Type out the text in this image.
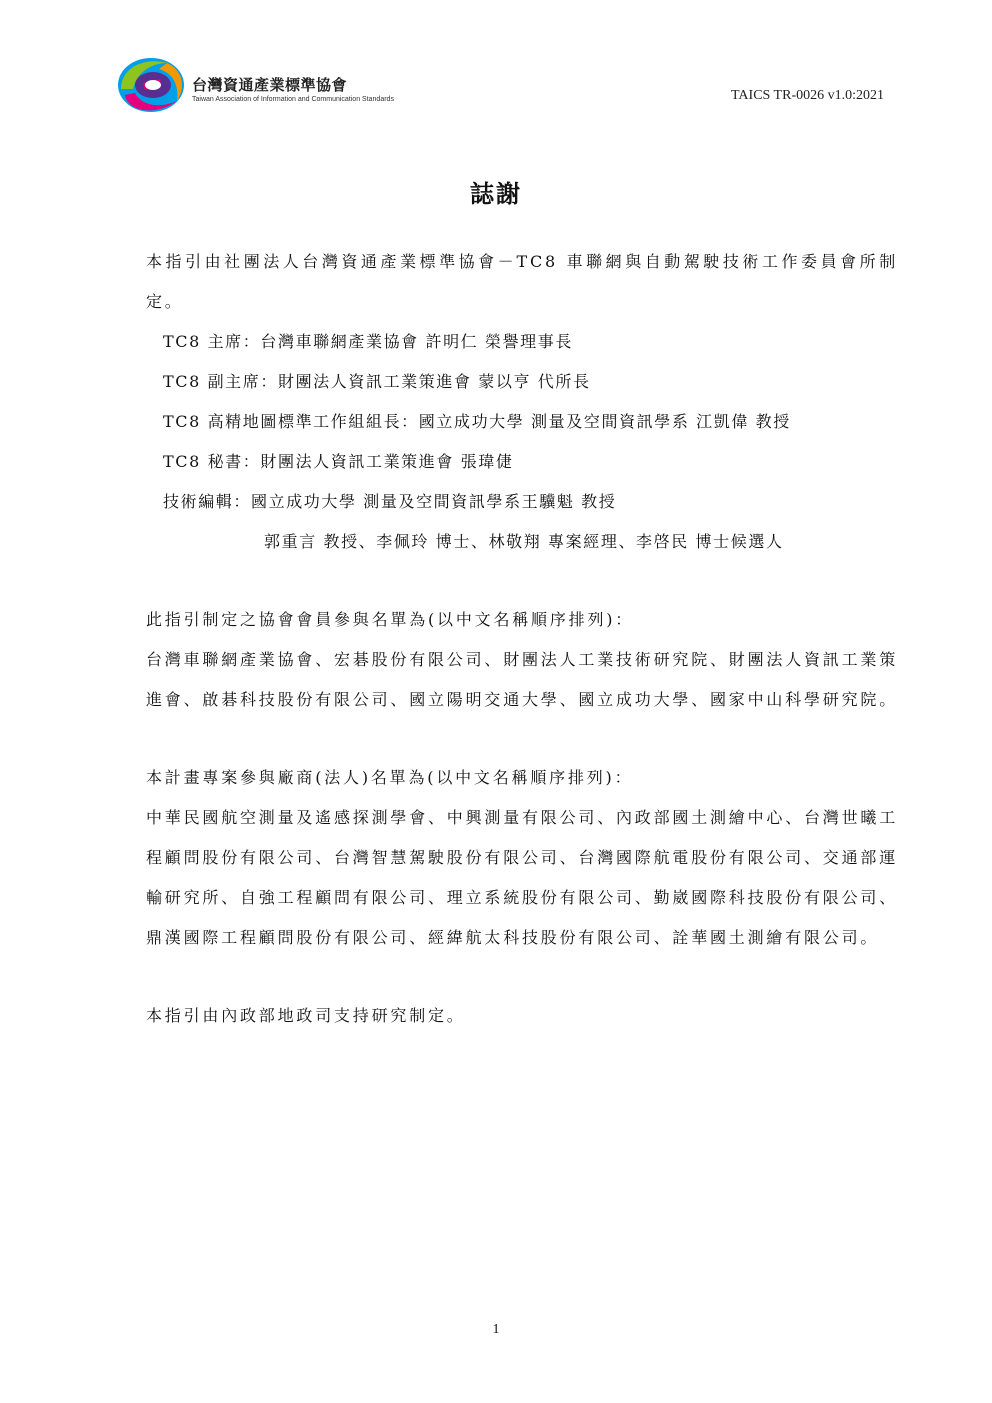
台灣資通產業標準協會
Taiwan Association of Information and Communication Standards	TAICS TR-0026 v1.0:2021
誌謝

本指引由社團法人台灣資通產業標準協會－TC8 車聯網與自動駕駛技術工作委員會所制定。

TC8 主席：台灣車聯網產業協會 許明仁 榮譽理事長
TC8 副主席：財團法人資訊工業策進會 蒙以亨 代所長
TC8 高精地圖標準工作組組長：國立成功大學 測量及空間資訊學系 江凱偉 教授
TC8 秘書：財團法人資訊工業策進會 張瑋倢
技術編輯：國立成功大學 測量及空間資訊學系王驥魁 教授
郭重言 教授、李佩玲 博士、林敬翔 專案經理、李啓民 博士候選人

此指引制定之協會會員參與名單為(以中文名稱順序排列)：

台灣車聯網產業協會、宏碁股份有限公司、財團法人工業技術研究院、財團法人資訊工業策進會、啟碁科技股份有限公司、國立陽明交通大學、國立成功大學、國家中山科學研究院。

本計畫專案參與廠商(法人)名單為(以中文名稱順序排列)：

中華民國航空測量及遙感探測學會、中興測量有限公司、內政部國土測繪中心、台灣世曦工程顧問股份有限公司、台灣智慧駕駛股份有限公司、台灣國際航電股份有限公司、交通部運輸研究所、自強工程顧問有限公司、理立系統股份有限公司、勤崴國際科技股份有限公司、鼎漢國際工程顧問股份有限公司、經緯航太科技股份有限公司、詮華國土測繪有限公司。

本指引由內政部地政司支持研究制定。

1
